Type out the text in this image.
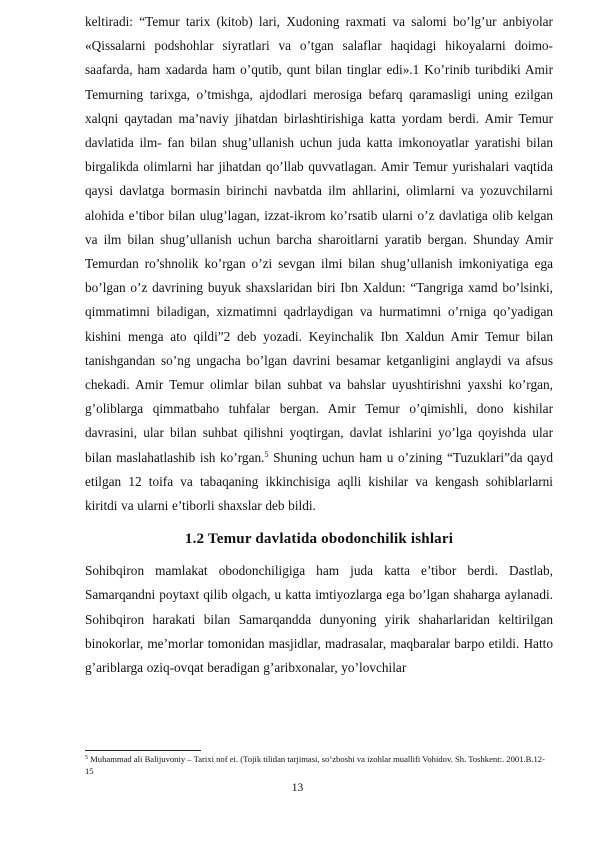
keltiradi: “Temur tarix (kitob) lari, Xudoning raxmati va salomi bo’lg’ur anbiyolar «Qissalarni podshohlar siyratlari va o’tgan salaflar haqidagi hikoyalarni doimo-saafarda, ham xadarda ham o’qutib, qunt bilan tinglar edi».1 Ko’rinib turibdiki Amir Temurning tarixga, o’tmishga, ajdodlari merosiga befarq qaramasligi uning ezilgan xalqni qaytadan ma’naviy jihatdan birlashtirishiga katta yordam berdi. Amir Temur davlatida ilm- fan bilan shug’ullanish uchun juda katta imkonoyatlar yaratishi bilan birgalikda olimlarni har jihatdan qo’llab quvvatlagan. Amir Temur yurishalari vaqtida qaysi davlatga bormasin birinchi navbatda ilm ahllarini, olimlarni va yozuvchilarni alohida e’tibor bilan ulug’lagan, izzat-ikrom ko’rsatib ularni o’z davlatiga olib kelgan va ilm bilan shug’ullanish uchun barcha sharoitlarni yaratib bergan. Shunday Amir Temurdan ro’shnolik ko’rgan o’zi sevgan ilmi bilan shug’ullanish imkoniyatiga ega bo’lgan o’z davrining buyuk shaxslaridan biri Ibn Xaldun: “Tangriga xamd bo’lsinki, qimmatimni biladigan, xizmatimni qadrlaydigan va hurmatimni o’rniga qo’yadigan kishini menga ato qildi”2 deb yozadi. Keyinchalik Ibn Xaldun Amir Temur bilan tanishgandan so’ng ungacha bo’lgan davrini besamar ketganligini anglaydi va afsus chekadi. Amir Temur olimlar bilan suhbat va bahslar uyushtirishni yaxshi ko’rgan, g’oliblarga qimmatbaho tuhfalar bergan. Amir Temur o’qimishli, dono kishilar davrasini, ular bilan suhbat qilishni yoqtirgan, davlat ishlarini yo’lga qoyishda ular bilan maslahatlashib ish ko’rgan.$^5$ Shuning uchun ham u o’zining “Tuzuklari”da qayd etilgan 12 toifa va tabaqaning ikkinchisiga aqlli kishilar va kengash sohiblarlarni kiritdi va ularni e’tiborli shaxslar deb bildi.

1.2 Temur davlatida obodonchilik ishlari

Sohibqiron mamlakat obodonchiligiga ham juda katta e’tibor berdi. Dastlab, Samarqandni poytaxt qilib olgach, u katta imtiyozlarga ega bo’lgan shaharga aylanadi. Sohibqiron harakati bilan Samarqandda dunyoning yirik shaharlaridan keltirilgan binokorlar, me’morlar tomonidan masjidlar, madrasalar, maqbaralar barpo etildi. Hatto g’ariblarga oziq-ovqat beradigan g’aribxonalar, yo’lovchilar

$^5$ Muhammad ali Balijuvoniy – Tarixi nof ei. (Tojik tilidan tarjimasi, so’zboshi va izohlar muallifi Vohidov. Sh. Toshkent:. 2001.B.12-15
13
